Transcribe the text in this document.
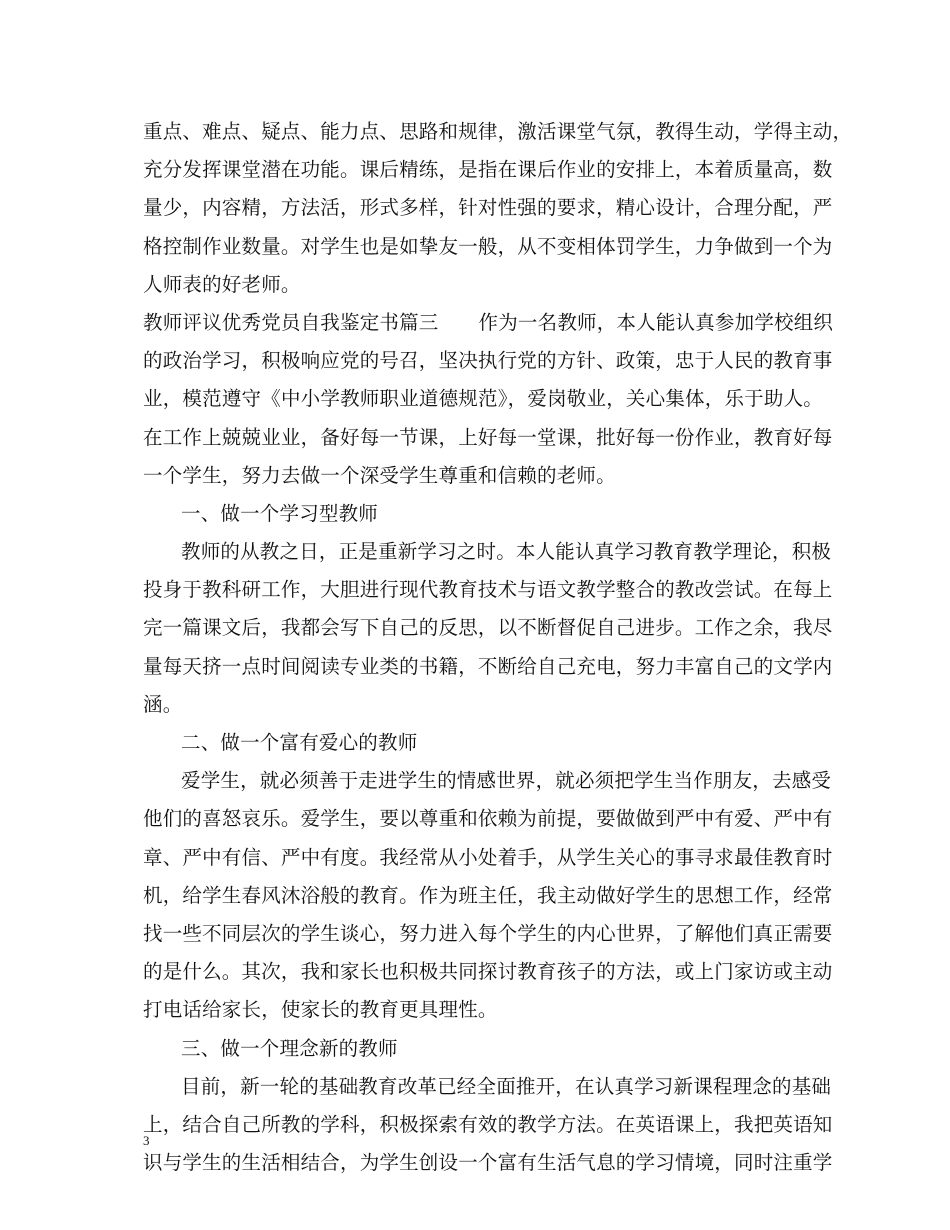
重点、难点、疑点、能力点、思路和规律，激活课堂气氛，教得生动，学得主动，
充分发挥课堂潜在功能。课后精练，是指在课后作业的安排上，本着质量高，数
量少，内容精，方法活，形式多样，针对性强的要求，精心设计，合理分配，严
格控制作业数量。对学生也是如挚友一般，从不变相体罚学生，力争做到一个为
人师表的好老师。
教师评议优秀党员自我鉴定书篇三 作为一名教师，本人能认真参加学校组织
的政治学习，积极响应党的号召，坚决执行党的方针、政策，忠于人民的教育事
业，模范遵守《中小学教师职业道德规范》，爱岗敬业，关心集体，乐于助人。
在工作上兢兢业业，备好每一节课，上好每一堂课，批好每一份作业，教育好每
一个学生，努力去做一个深受学生尊重和信赖的老师。
一、做一个学习型教师
教师的从教之日，正是重新学习之时。本人能认真学习教育教学理论，积极
投身于教科研工作，大胆进行现代教育技术与语文教学整合的教改尝试。在每上
完一篇课文后，我都会写下自己的反思，以不断督促自己进步。工作之余，我尽
量每天挤一点时间阅读专业类的书籍，不断给自己充电，努力丰富自己的文学内
涵。
二、做一个富有爱心的教师
爱学生，就必须善于走进学生的情感世界，就必须把学生当作朋友，去感受
他们的喜怒哀乐。爱学生，要以尊重和依赖为前提，要做做到严中有爱、严中有
章、严中有信、严中有度。我经常从小处着手，从学生关心的事寻求最佳教育时
机，给学生春风沐浴般的教育。作为班主任，我主动做好学生的思想工作，经常
找一些不同层次的学生谈心，努力进入每个学生的内心世界，了解他们真正需要
的是什么。其次，我和家长也积极共同探讨教育孩子的方法，或上门家访或主动
打电话给家长，使家长的教育更具理性。
三、做一个理念新的教师
目前，新一轮的基础教育改革已经全面推开，在认真学习新课程理念的基础
上，结合自己所教的学科，积极探索有效的教学方法。在英语课上，我把英语知
识与学生的生活相结合，为学生创设一个富有生活气息的学习情境，同时注重学
3
